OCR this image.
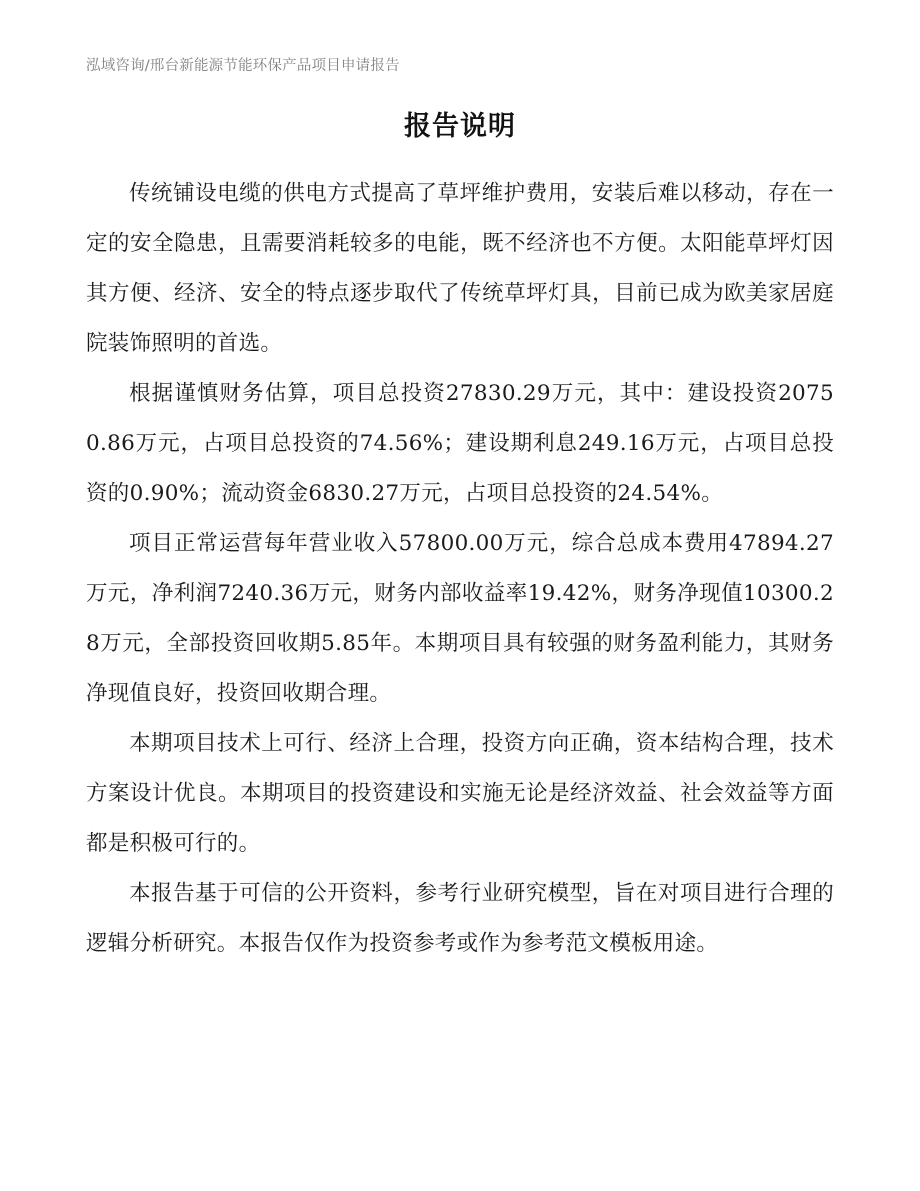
泓域咨询/邢台新能源节能环保产品项目申请报告
报告说明

传统铺设电缆的供电方式提高了草坪维护费用，安装后难以移动，存在一定的安全隐患，且需要消耗较多的电能，既不经济也不方便。太阳能草坪灯因其方便、经济、安全的特点逐步取代了传统草坪灯具，目前已成为欧美家居庭院装饰照明的首选。

根据谨慎财务估算，项目总投资27830.29万元，其中：建设投资20750.86万元，占项目总投资的74.56%；建设期利息249.16万元，占项目总投资的0.90%；流动资金6830.27万元，占项目总投资的24.54%。

项目正常运营每年营业收入57800.00万元，综合总成本费用47894.27万元，净利润7240.36万元，财务内部收益率19.42%，财务净现值10300.28万元，全部投资回收期5.85年。本期项目具有较强的财务盈利能力，其财务净现值良好，投资回收期合理。

本期项目技术上可行、经济上合理，投资方向正确，资本结构合理，技术方案设计优良。本期项目的投资建设和实施无论是经济效益、社会效益等方面都是积极可行的。

本报告基于可信的公开资料，参考行业研究模型，旨在对项目进行合理的逻辑分析研究。本报告仅作为投资参考或作为参考范文模板用途。
